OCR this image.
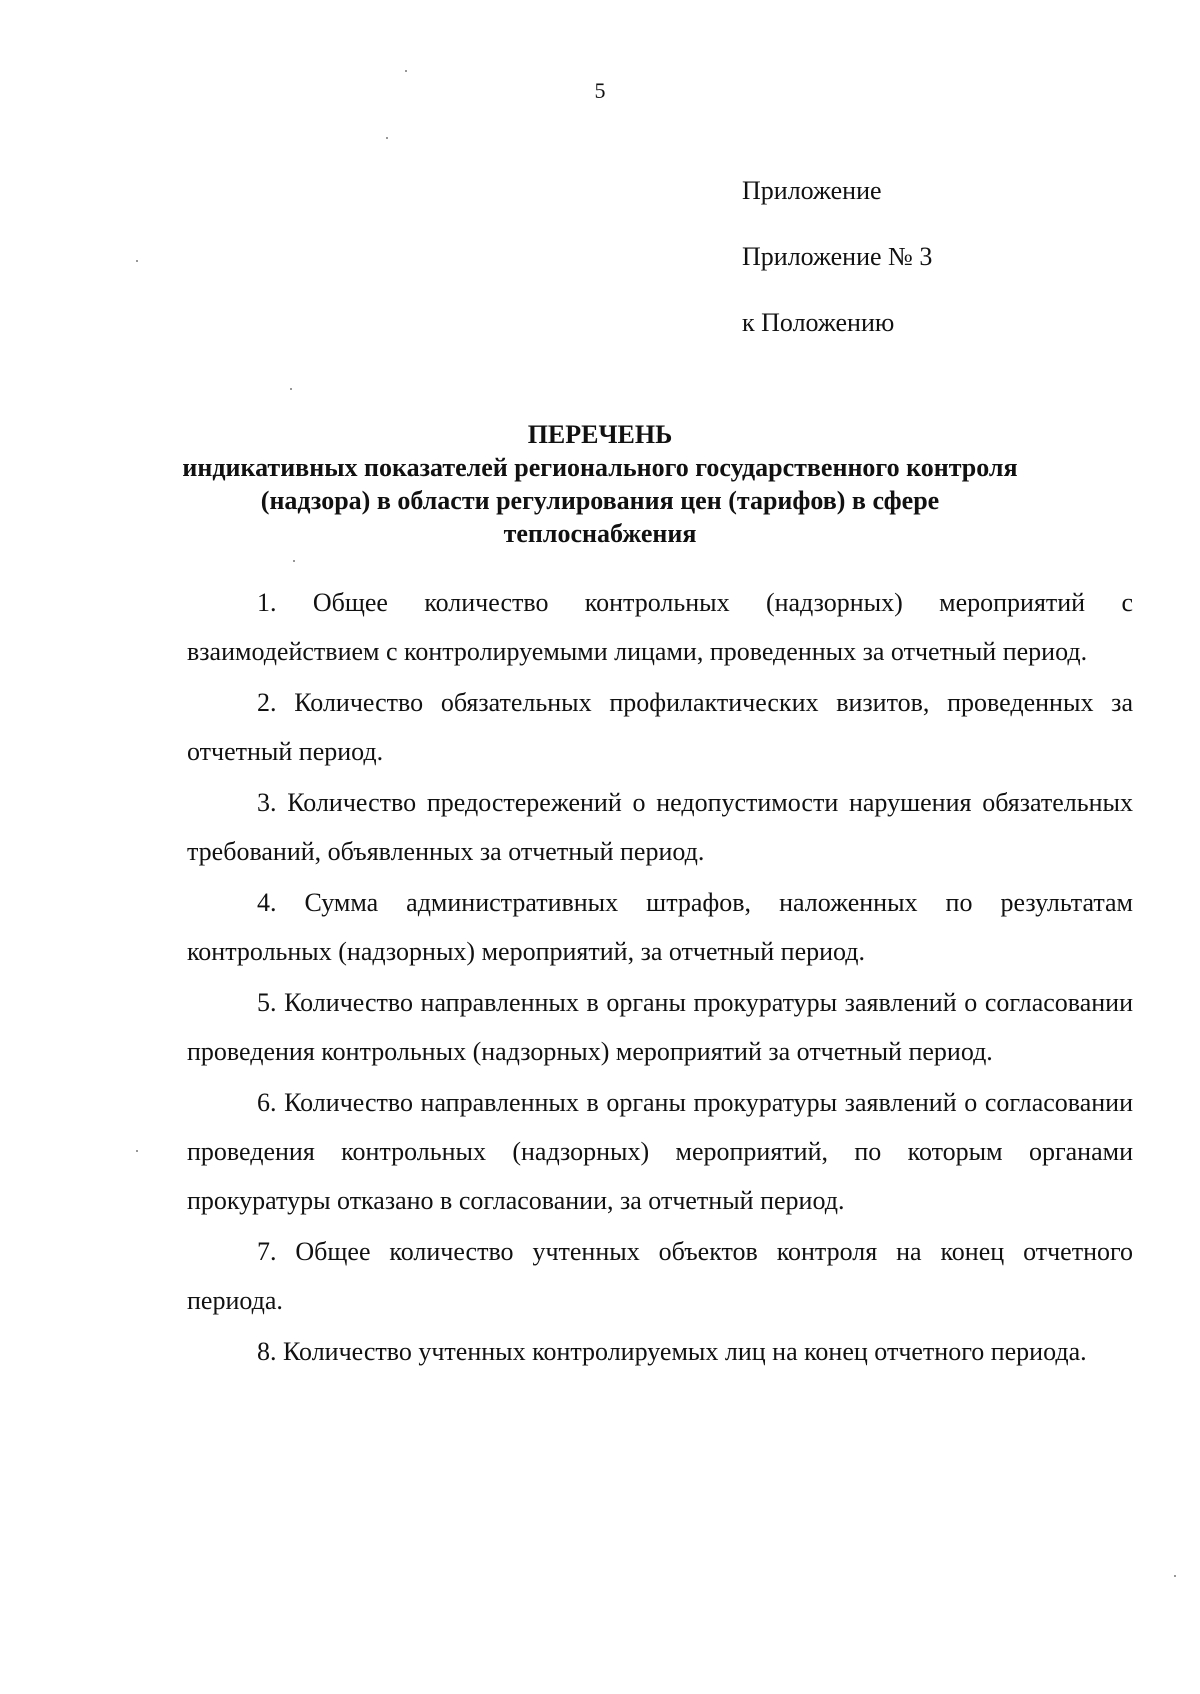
5
Приложение
Приложение № 3
к Положению
ПЕРЕЧЕНЬ
индикативных показателей регионального государственного контроля
(надзора) в области регулирования цен (тарифов) в сфере
теплоснабжения

1. Общее количество контрольных (надзорных) мероприятий с взаимодействием с контролируемыми лицами, проведенных за отчетный период.

2. Количество обязательных профилактических визитов, проведенных за отчетный период.

3. Количество предостережений о недопустимости нарушения обязательных требований, объявленных за отчетный период.

4. Сумма административных штрафов, наложенных по результатам контрольных (надзорных) мероприятий, за отчетный период.

5. Количество направленных в органы прокуратуры заявлений о согласовании проведения контрольных (надзорных) мероприятий за отчетный период.

6. Количество направленных в органы прокуратуры заявлений о согласовании проведения контрольных (надзорных) мероприятий, по которым органами прокуратуры отказано в согласовании, за отчетный период.

7. Общее количество учтенных объектов контроля на конец отчетного периода.

8. Количество учтенных контролируемых лиц на конец отчетного периода.
